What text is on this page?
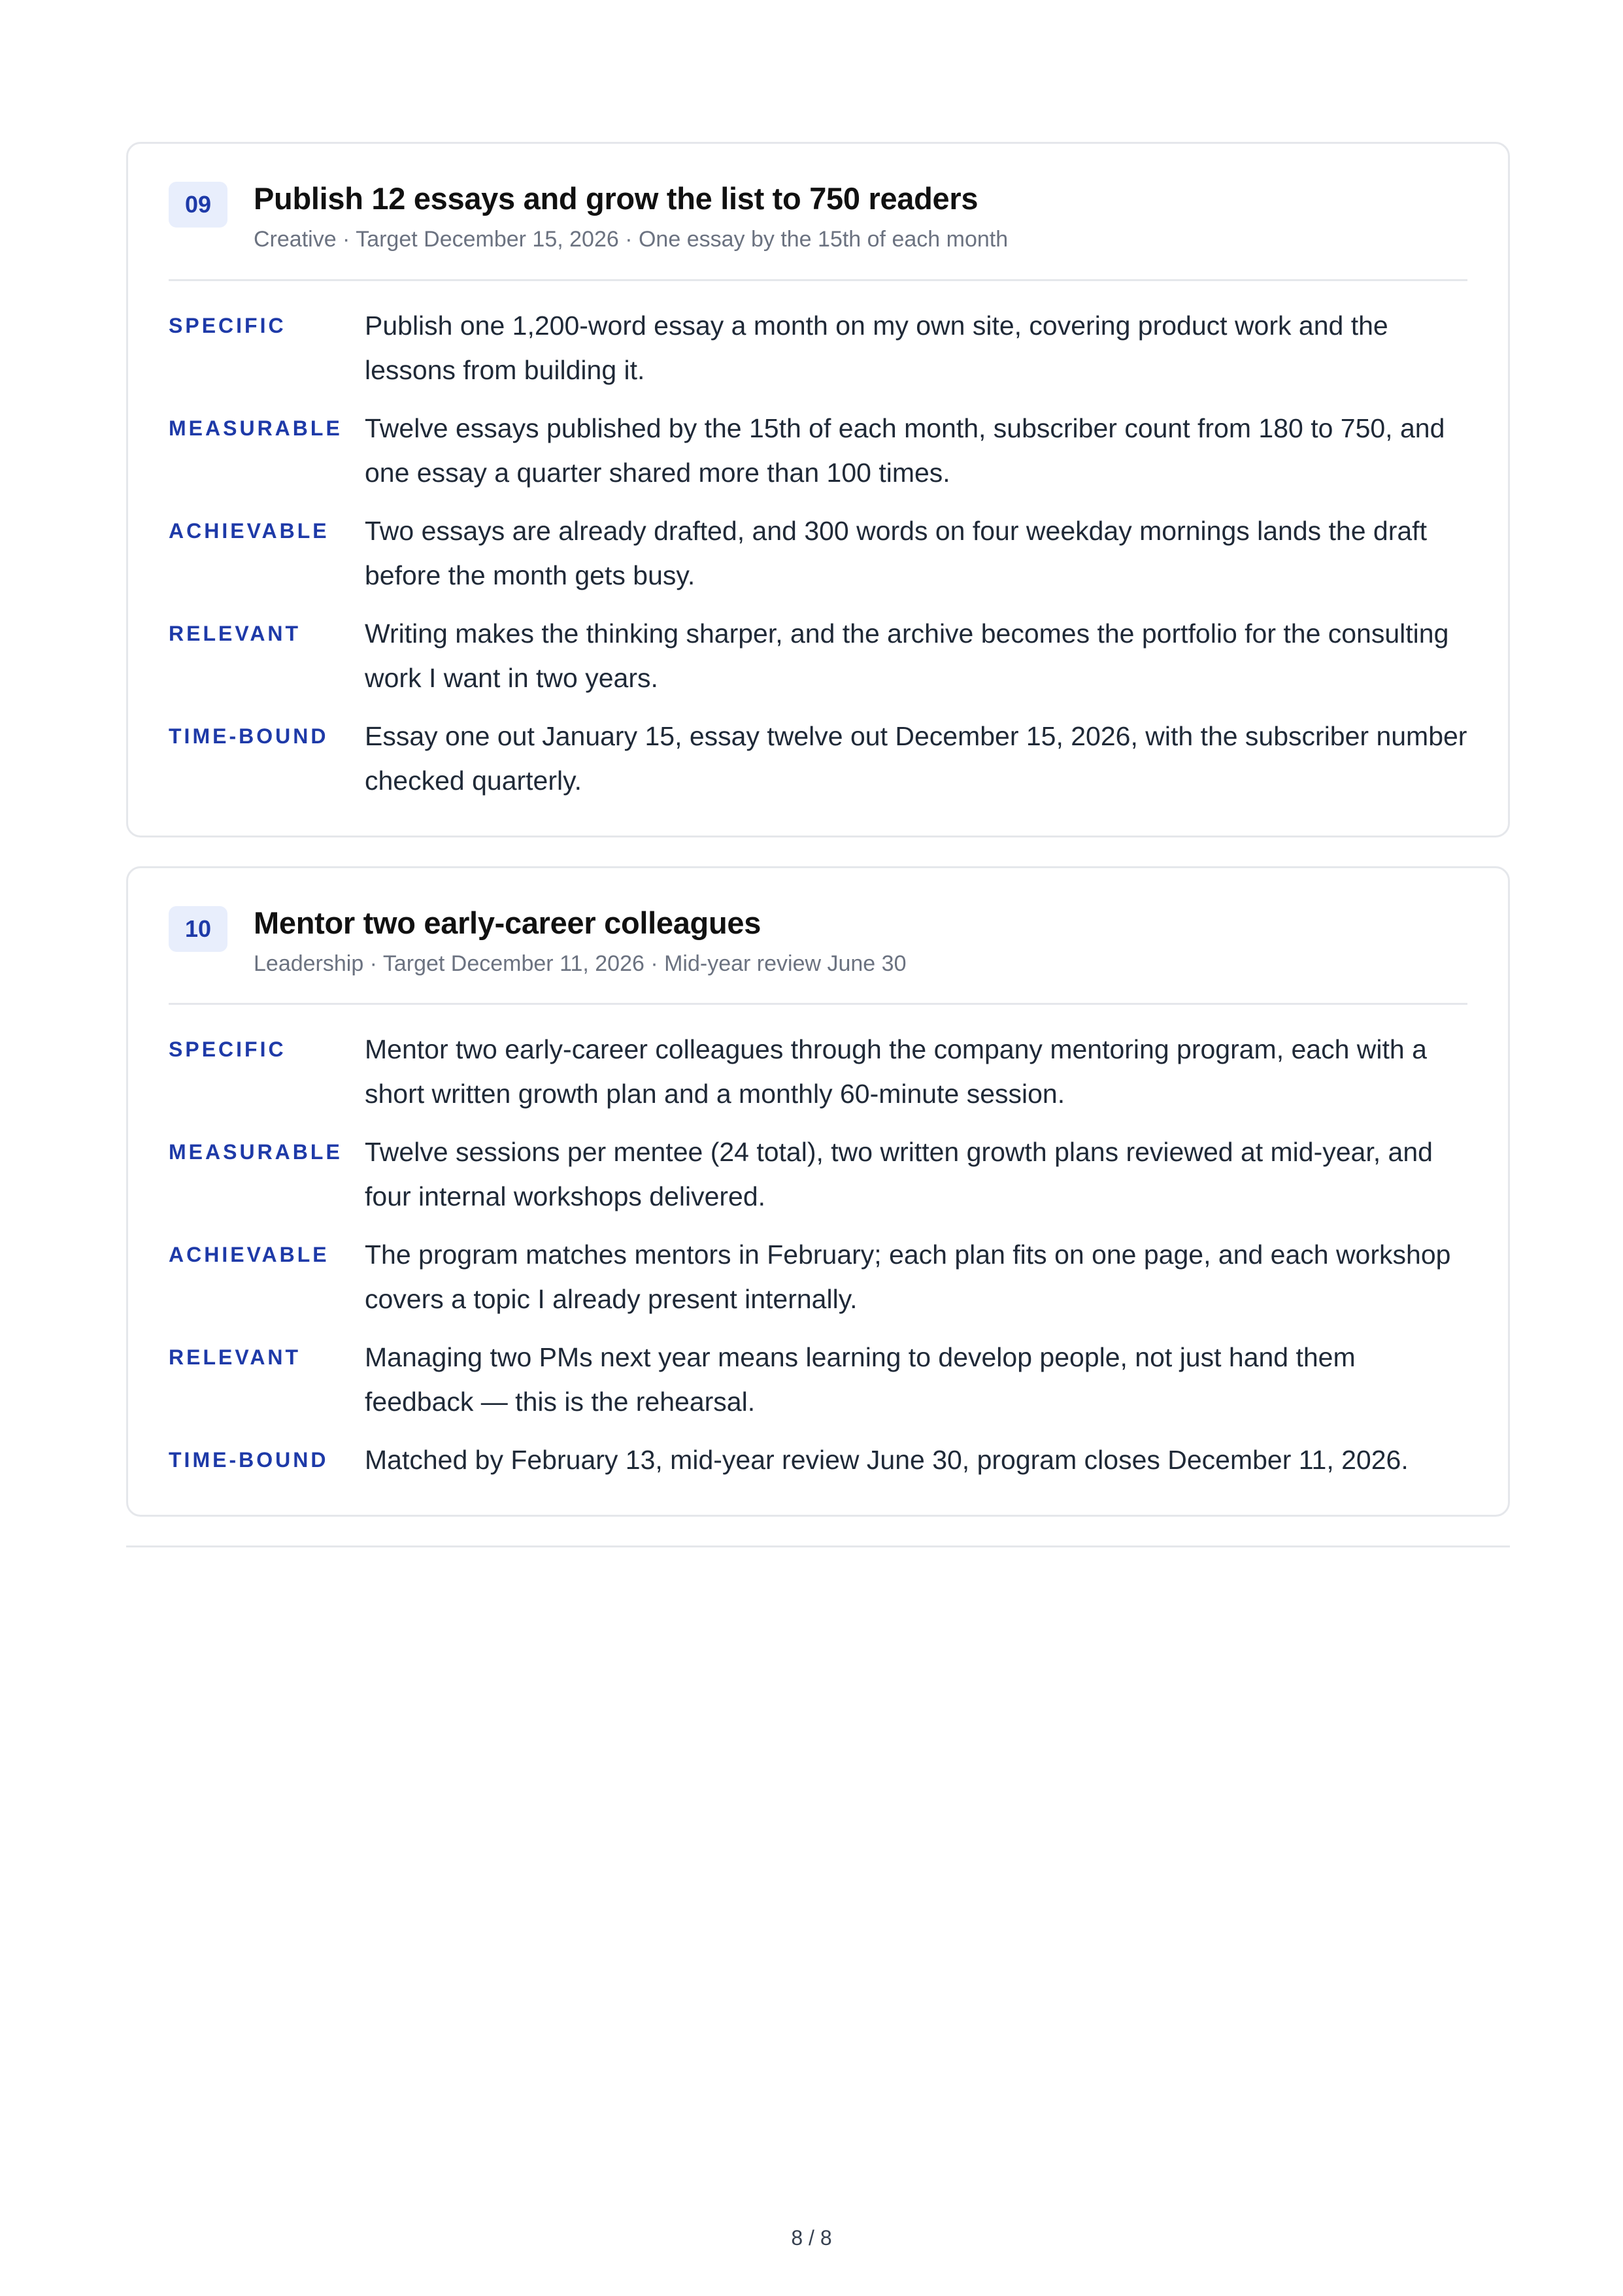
09	Publish 12 essays and grow the list to 750 readers
Creative · Target December 15, 2026 · One essay by the 15th of each month
SPECIFIC	Publish one 1,200-word essay a month on my own site, covering product work and the lessons from building it.
MEASURABLE Twelve essays published by the 15th of each month, subscriber count from 180 to 750, and one essay a quarter shared more than 100 times.
ACHIEVABLE	Two essays are already drafted, and 300 words on four weekday mornings lands the draft before the month gets busy.
RELEVANT	Writing makes the thinking sharper, and the archive becomes the portfolio for the consulting work I want in two years.
TIME-BOUND	Essay one out January 15, essay twelve out December 15, 2026, with the subscriber number checked quarterly.
10	Mentor two early-career colleagues
Leadership · Target December 11, 2026 · Mid-year review June 30
SPECIFIC	Mentor two early-career colleagues through the company mentoring program, each with a short written growth plan and a monthly 60-minute session.
MEASURABLE Twelve sessions per mentee (24 total), two written growth plans reviewed at mid-year, and four internal workshops delivered.
ACHIEVABLE	The program matches mentors in February; each plan fits on one page, and each workshop covers a topic I already present internally.
RELEVANT	Managing two PMs next year means learning to develop people, not just hand them feedback — this is the rehearsal.
TIME-BOUND	Matched by February 13, mid-year review June 30, program closes December 11, 2026.
8 / 8
